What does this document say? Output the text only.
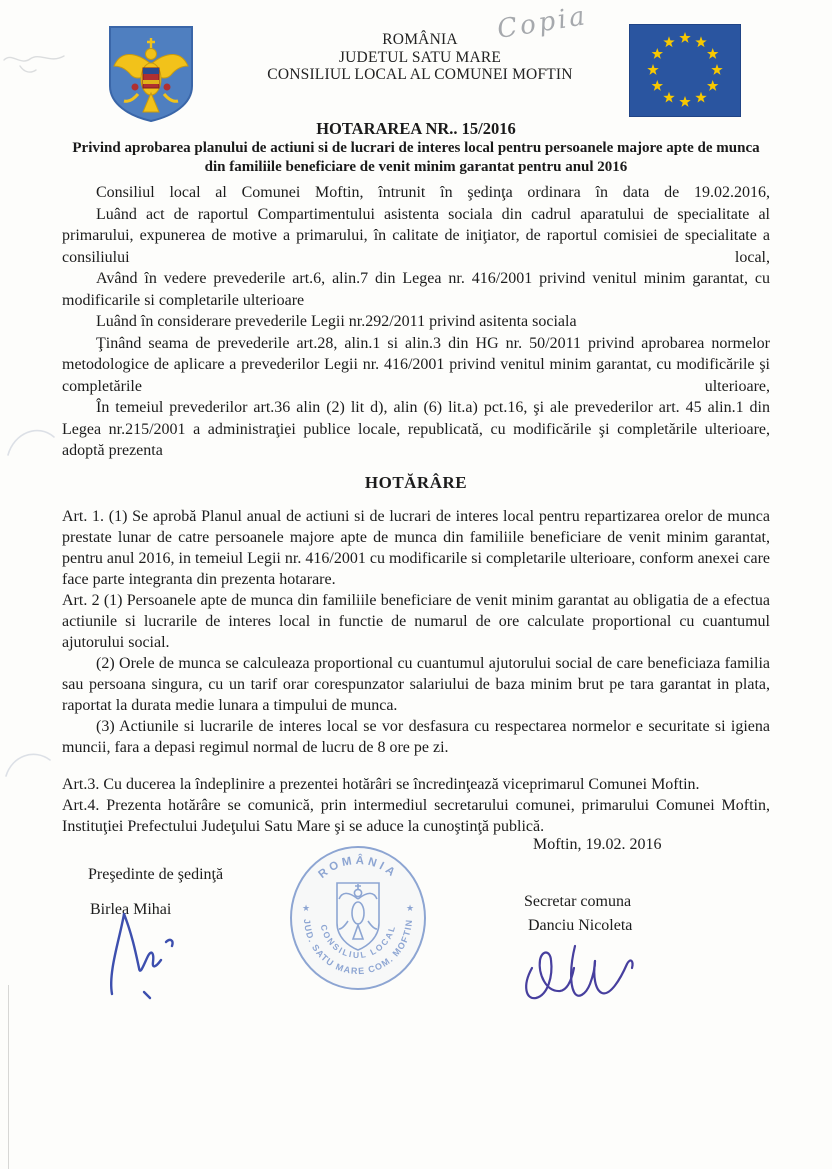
ROMÂNIA
JUDETUL SATU MARE
CONSILIUL LOCAL AL COMUNEI MOFTIN
Copia
HOTARAREA NR.. 15/2016
Privind aprobarea planului de actiuni si de lucrari de interes local pentru persoanele majore apte de munca din familiile beneficiare de venit minim garantat pentru anul 2016

Consiliul local al Comunei Moftin, întrunit în şedinţa ordinara în data de 19.02.2016,

Luând act de raportul Compartimentului asistenta sociala din cadrul aparatului de specialitate al primarului, expunerea de motive a primarului, în calitate de iniţiator, de raportul comisiei de specialitate a consiliului local,

Având în vedere prevederile art.6, alin.7 din Legea nr. 416/2001 privind venitul minim garantat, cu modificarile si completarile ulterioare

Luând în considerare prevederile Legii nr.292/2011 privind asitenta sociala

Ţinând seama de prevederile art.28, alin.1 si alin.3 din HG nr. 50/2011 privind aprobarea normelor metodologice de aplicare a prevederilor Legii nr. 416/2001 privind venitul minim garantat, cu modificările şi completările ulterioare,

În temeiul prevederilor art.36 alin (2) lit d), alin (6) lit.a) pct.16, şi ale prevederilor art. 45 alin.1 din Legea nr.215/2001 a administraţiei publice locale, republicată, cu modificările şi completările ulterioare, adoptă prezenta

HOTĂRÂRE

Art. 1. (1) Se aprobă Planul anual de actiuni si de lucrari de interes local pentru repartizarea orelor de munca prestate lunar de catre persoanele majore apte de munca din familiile beneficiare de venit minim garantat, pentru anul 2016, in temeiul Legii nr. 416/2001 cu modificarile si completarile ulterioare, conform anexei care face parte integranta din prezenta hotarare.

Art. 2 (1) Persoanele apte de munca din familiile beneficiare de venit minim garantat au obligatia de a efectua actiunile si lucrarile de interes local in functie de numarul de ore calculate proportional cu cuantumul ajutorului social.

(2) Orele de munca se calculeaza proportional cu cuantumul ajutorului social de care beneficiaza familia sau persoana singura, cu un tarif orar corespunzator salariului de baza minim brut pe tara garantat in plata, raportat la durata medie lunara a timpului de munca.

(3) Actiunile si lucrarile de interes local se vor desfasura cu respectarea normelor e securitate si igiena muncii, fara a depasi regimul normal de lucru de 8 ore pe zi.

Art.3. Cu ducerea la îndeplinire a prezentei hotărâri se încredinţează viceprimarul Comunei Moftin.

Art.4. Prezenta hotărâre se comunică, prin intermediul secretarului comunei, primarului Comunei Moftin, Instituţiei Prefectului Judeţului Satu Mare şi se aduce la cunoştinţă publică.

Moftin, 19.02. 2016
Preşedinte de şedinţă
Birlea Mihai	Secretar comuna
Danciu Nicoleta
ROMÂNIA
★	★
JUD. SATU MARE COM. MOFTIN
CONSILIUL LOCAL
